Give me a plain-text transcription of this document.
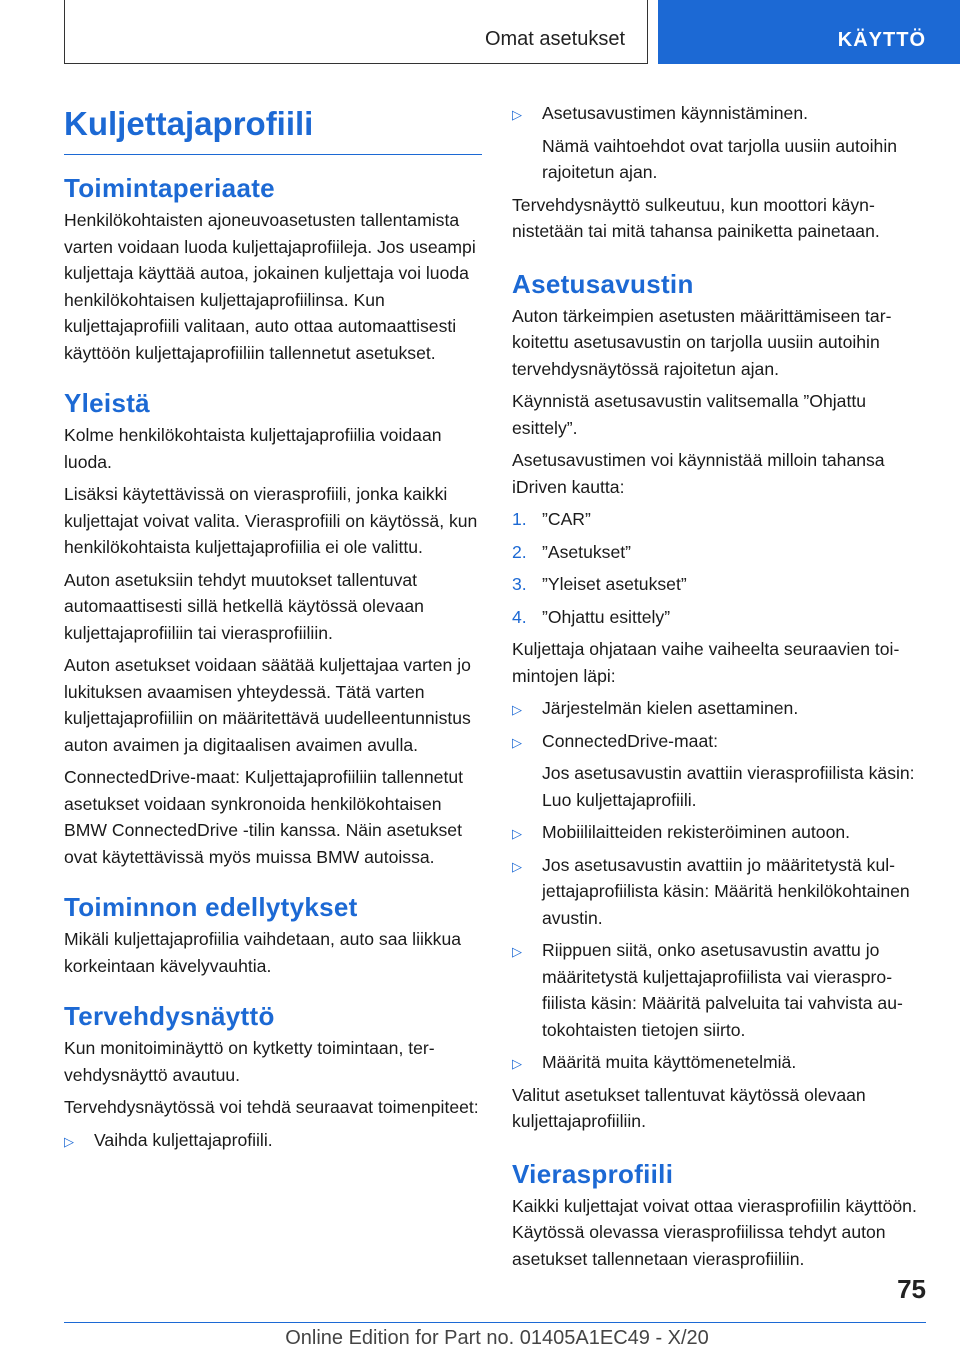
Omat asetukset	KÄYTTÖ
Kuljettajaprofiili
Toimintaperiaate

Henkilökohtaisten ajoneuvoasetusten tallentamista varten voidaan luoda kuljettajaprofiileja. Jos useampi kuljettaja käyttää autoa, jokainen kuljettaja voi luoda henkilökohtaisen kuljettajaprofiilinsa. Kun kuljettajaprofiili valitaan, auto ottaa automaattisesti käyttöön kuljettajaprofiiliin tallennetut asetukset.

Yleistä

Kolme henkilökohtaista kuljettajaprofiilia voidaan luoda.

Lisäksi käytettävissä on vierasprofiili, jonka kaikki kuljettajat voivat valita. Vierasprofiili on käytössä, kun henkilökohtaista kuljettajaprofiilia ei ole valittu.

Auton asetuksiin tehdyt muutokset tallentuvat automaattisesti sillä hetkellä käytössä olevaan kuljettajaprofiiliin tai vierasprofiiliin.

Auton asetukset voidaan säätää kuljettajaa varten jo lukituksen avaamisen yhteydessä. Tätä varten kuljettajaprofiiliin on määritettävä uudelleentunnistus auton avaimen ja digitaalisen avaimen avulla.

ConnectedDrive-maat: Kuljettajaprofiiliin tallennetut asetukset voidaan synkronoida henkilökohtaisen BMW ConnectedDrive -tilin kanssa. Näin asetukset ovat käytettävissä myös muissa BMW autoissa.

Toiminnon edellytykset

Mikäli kuljettajaprofiilia vaihdetaan, auto saa liikkua korkeintaan kävelyvauhtia.

Tervehdysnäyttö

Kun monitoiminäyttö on kytketty toimintaan, tervehdysnäyttö avautuu.

Tervehdysnäytössä voi tehdä seuraavat toimenpiteet:

▷ Vaihda kuljettajaprofiili.
▷ Asetusavustimen käynnistäminen.

Nämä vaihtoehdot ovat tarjolla uusiin autoihin rajoitetun ajan.

Tervehdysnäyttö sulkeutuu, kun moottori käynnistetään tai mitä tahansa painiketta painetaan.

Asetusavustin

Auton tärkeimpien asetusten määrittämiseen tarkoitettu asetusavustin on tarjolla uusiin autoihin tervehdysnäytössä rajoitetun ajan.

Käynnistä asetusavustin valitsemalla ”Ohjattu esittely”.

Asetusavustimen voi käynnistää milloin tahansa iDriven kautta:

1. ”CAR”
2. ”Asetukset”
3. ”Yleiset asetukset”
4. ”Ohjattu esittely”

Kuljettaja ohjataan vaihe vaiheelta seuraavien toimintojen läpi:

▷ Järjestelmän kielen asettaminen.
▷ ConnectedDrive-maat:

Jos asetusavustin avattiin vierasprofiilista käsin: Luo kuljettajaprofiili.

▷ Mobiililaitteiden rekisteröiminen autoon.
▷ Jos asetusavustin avattiin jo määritetystä kuljettajaprofiilista käsin: Määritä henkilökohtainen avustin.
▷ Riippuen siitä, onko asetusavustin avattu jo määritetystä kuljettajaprofiilista vai vierasprofiilista käsin: Määritä palveluita tai vahvista autokohtaisten tietojen siirto.
▷ Määritä muita käyttömenetelmiä.

Valitut asetukset tallentuvat käytössä olevaan kuljettajaprofiiliin.

Vierasprofiili

Kaikki kuljettajat voivat ottaa vierasprofiilin käyttöön. Käytössä olevassa vierasprofiilissa tehdyt auton asetukset tallennetaan vierasprofiiliin.

75
Online Edition for Part no. 01405A1EC49 - X/20
